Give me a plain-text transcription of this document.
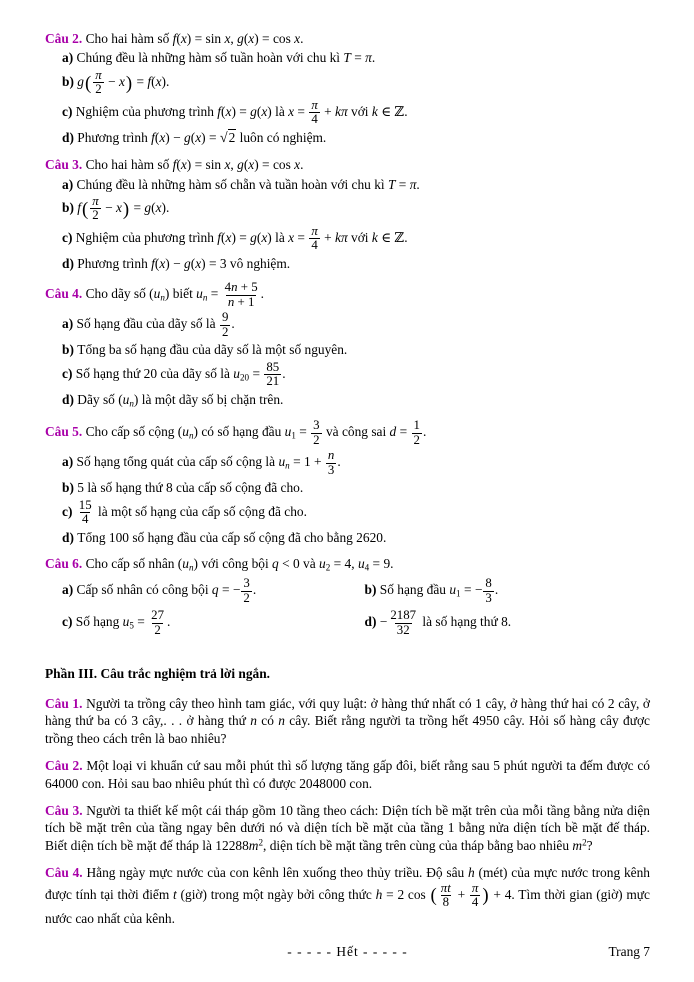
Câu 2. Cho hai hàm số f(x) = sin x, g(x) = cos x.
a) Chúng đều là những hàm số tuần hoàn với chu kì T = π.
b) $g( \frac{\pi}{2} - x) = f(x)$.
c) Nghiệm của phương trình f(x) = g(x) là $x = \frac{\pi}{4} + k\pi$ với k ∈ ℤ.
d) Phương trình f(x) − g(x) = √2 luôn có nghiệm.
Câu 3. Cho hai hàm số f(x) = sin x, g(x) = cos x.
a) Chúng đều là những hàm số chẵn và tuần hoàn với chu kì T = π.
b) $f( \frac{\pi}{2} - x) = g(x)$.
c) Nghiệm của phương trình f(x) = g(x) là $x = \frac{\pi}{4} + k\pi$ với k ∈ ℤ.
d) Phương trình f(x) − g(x) = 3 vô nghiệm.
Câu 4. Cho dãy số $(u_n)$ biết $u_n = \frac{4n + 5}{n + 1}$ .
a) Số hạng đầu của dãy số là $\frac{9}{2}$ .
b) Tổng ba số hạng đầu của dãy số là một số nguyên.
c) Số hạng thứ 20 của dãy số là $u_{20} = \frac{85}{21}$ .
d) Dãy số $(u_n)$ là một dãy số bị chặn trên.
Câu 5. Cho cấp số cộng $(u_n)$ có số hạng đầu $u_1 = \frac{3}{2}$ và công sai $d = \frac{1}{2}$ .
a) Số hạng tổng quát của cấp số cộng là $u_n = 1 + \frac{n}{3}$ .
b) 5 là số hạng thứ 8 của cấp số cộng đã cho.
$c) \frac{15}{4}$ là một số hạng của cấp số cộng đã cho.
d) Tổng 100 số hạng đầu của cấp số cộng đã cho bằng 2620.
Câu 6. Cho cấp số nhân $(u_n)$ với công bội q < 0 và $u_2 = 4$, $u_4 = 9$.
a) Cấp số nhân có công bội q = − $\frac{3}{2}$ .	b) Số hạng đầu $u_1$ = − $\frac{8}{3}$ .
c) Số hạng $u_5 = \frac{27}{2}$ .	$d) - \frac{2187}{32}$ là số hạng thứ 8.
Phần III. Câu trắc nghiệm trả lời ngắn.

Câu 1. Người ta trồng cây theo hình tam giác, với quy luật: ở hàng thứ nhất có 1 cây, ở hàng thứ hai có 2 cây, ở hàng thứ ba có 3 cây,. . . ở hàng thứ n có n cây. Biết rằng người ta trồng hết 4950 cây. Hỏi số hàng cây được trồng theo cách trên là bao nhiêu?

Câu 2. Một loại vi khuẩn cứ sau mỗi phút thì số lượng tăng gấp đôi, biết rằng sau 5 phút người ta đếm được có 64000 con. Hỏi sau bao nhiêu phút thì có được 2048000 con.

Câu 3. Người ta thiết kế một cái tháp gồm 10 tầng theo cách: Diện tích bề mặt trên của mỗi tầng bằng nửa diện tích bề mặt trên của tầng ngay bên dưới nó và diện tích bề mặt của tầng 1 bằng nửa diện tích bề mặt đế tháp. Biết diện tích bề mặt đế tháp là $12288m^2$, diện tích bề mặt tầng trên cùng của tháp bằng bao nhiêu $m^2$?

Câu 4. Hằng ngày mực nước của con kênh lên xuống theo thủy triều. Độ sâu h (mét) của mực nước trong kênh được tính tại thời điểm t (giờ) trong một ngày bởi công thức h = 2 cos ( $\frac{\pi t}{8} + \frac{\pi}{4}$ ) + 4. Tìm thời gian (giờ) mực nước cao nhất của kênh.

- - - - - Hết - - - - -	Trang 7
